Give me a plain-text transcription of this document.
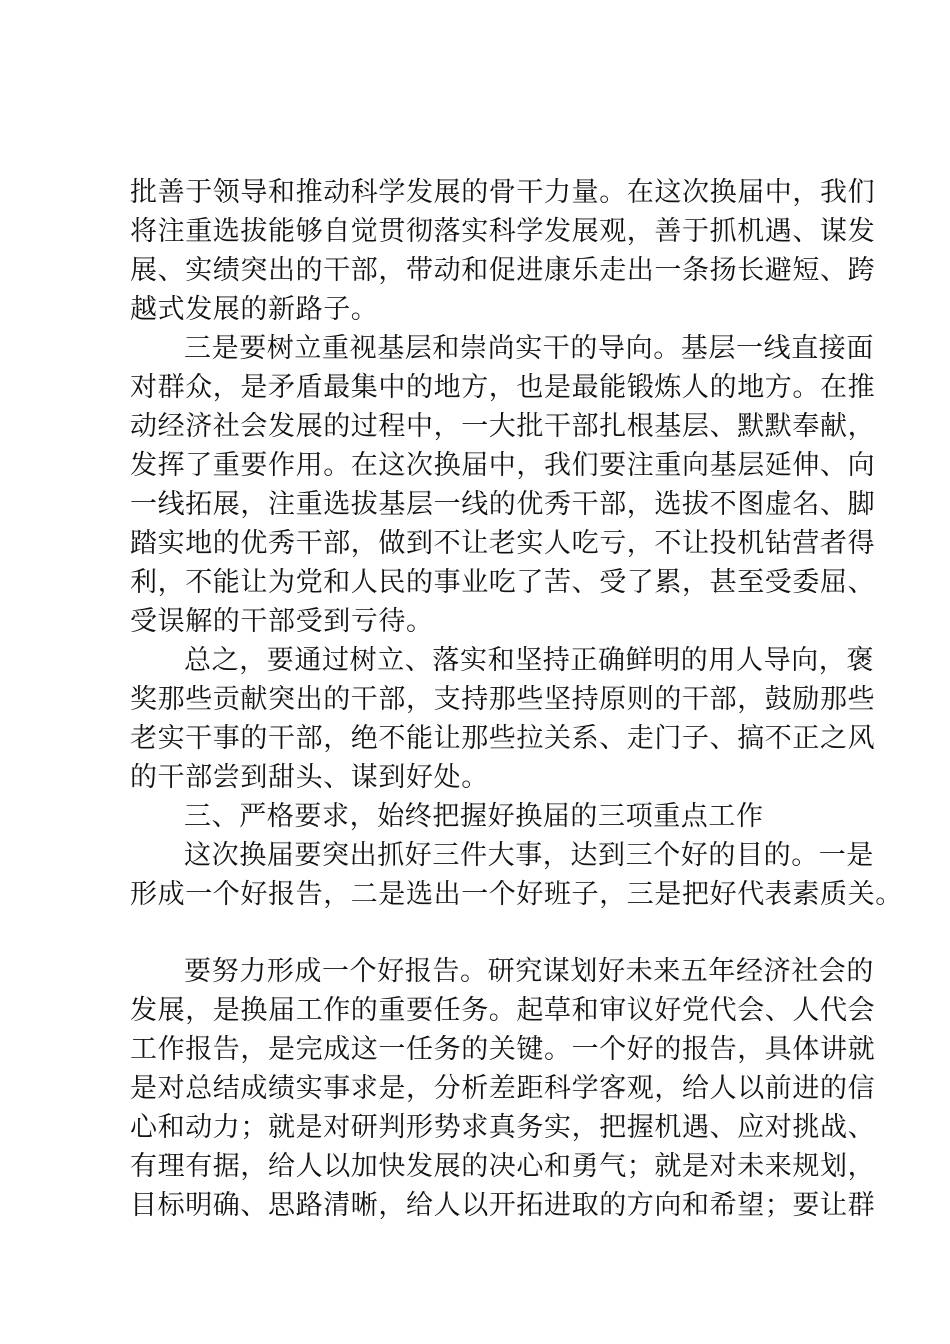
批善于领导和推动科学发展的骨干力量。在这次换届中，我们
将注重选拔能够自觉贯彻落实科学发展观，善于抓机遇、谋发
展、实绩突出的干部，带动和促进康乐走出一条扬长避短、跨
越式发展的新路子。
三是要树立重视基层和崇尚实干的导向。基层一线直接面
对群众，是矛盾最集中的地方，也是最能锻炼人的地方。在推
动经济社会发展的过程中，一大批干部扎根基层、默默奉献，
发挥了重要作用。在这次换届中，我们要注重向基层延伸、向
一线拓展，注重选拔基层一线的优秀干部，选拔不图虚名、脚
踏实地的优秀干部，做到不让老实人吃亏，不让投机钻营者得
利，不能让为党和人民的事业吃了苦、受了累，甚至受委屈、
受误解的干部受到亏待。
总之，要通过树立、落实和坚持正确鲜明的用人导向，褒
奖那些贡献突出的干部，支持那些坚持原则的干部，鼓励那些
老实干事的干部，绝不能让那些拉关系、走门子、搞不正之风
的干部尝到甜头、谋到好处。
三、严格要求，始终把握好换届的三项重点工作
这次换届要突出抓好三件大事，达到三个好的目的。一是
形成一个好报告，二是选出一个好班子，三是把好代表素质关。
要努力形成一个好报告。研究谋划好未来五年经济社会的
发展，是换届工作的重要任务。起草和审议好党代会、人代会
工作报告，是完成这一任务的关键。一个好的报告，具体讲就
是对总结成绩实事求是，分析差距科学客观，给人以前进的信
心和动力；就是对研判形势求真务实，把握机遇、应对挑战、
有理有据，给人以加快发展的决心和勇气；就是对未来规划，
目标明确、思路清晰，给人以开拓进取的方向和希望；要让群
